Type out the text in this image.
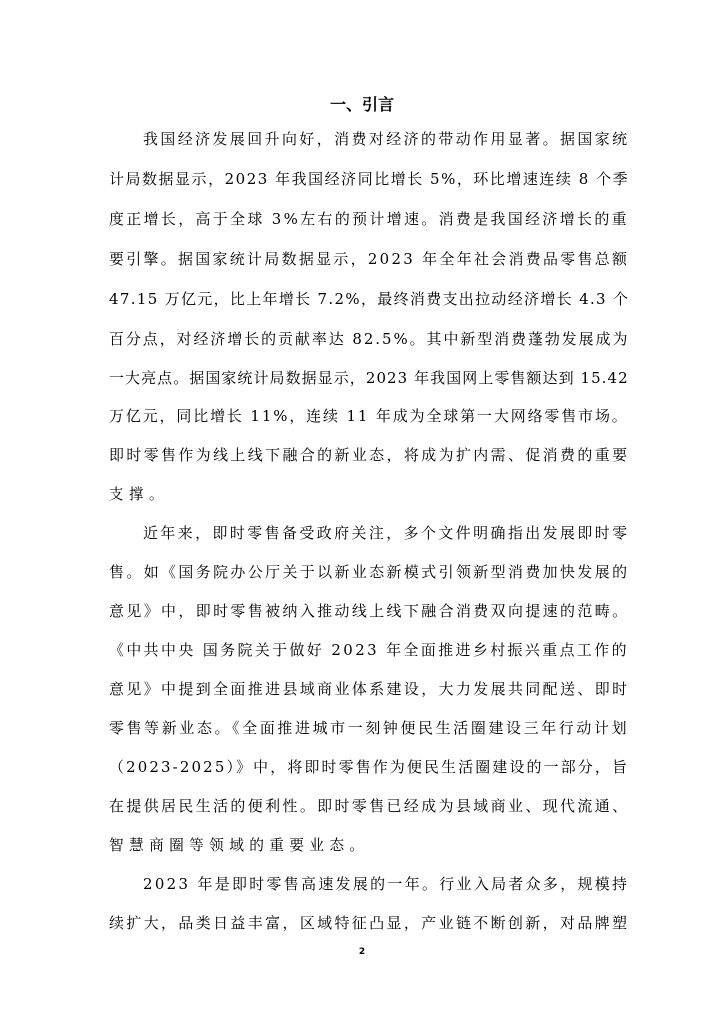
一、引言
我国经济发展回升向好，消费对经济的带动作用显著。据国家统
计局数据显示，2023 年我国经济同比增长 5%，环比增速连续 8 个季
度正增长，高于全球 3%左右的预计增速。消费是我国经济增长的重
要引擎。据国家统计局数据显示，2023 年全年社会消费品零售总额
47.15 万亿元，比上年增长 7.2%，最终消费支出拉动经济增长 4.3 个
百分点，对经济增长的贡献率达 82.5%。其中新型消费蓬勃发展成为
一大亮点。据国家统计局数据显示，2023 年我国网上零售额达到 15.42
万亿元，同比增长 11%，连续 11 年成为全球第一大网络零售市场。
即时零售作为线上线下融合的新业态，将成为扩内需、促消费的重要
支撑。
近年来，即时零售备受政府关注，多个文件明确指出发展即时零
售。如《国务院办公厅关于以新业态新模式引领新型消费加快发展的
意见》中，即时零售被纳入推动线上线下融合消费双向提速的范畴。
《中共中央 国务院关于做好 2023 年全面推进乡村振兴重点工作的
意见》中提到全面推进县域商业体系建设，大力发展共同配送、即时
零售等新业态。《全面推进城市一刻钟便民生活圈建设三年行动计划
（2023-2025）》中，将即时零售作为便民生活圈建设的一部分，旨
在提供居民生活的便利性。即时零售已经成为县域商业、现代流通、
智慧商圈等领域的重要业态。
2023 年是即时零售高速发展的一年。行业入局者众多，规模持
续扩大，品类日益丰富，区域特征凸显，产业链不断创新，对品牌塑
2
